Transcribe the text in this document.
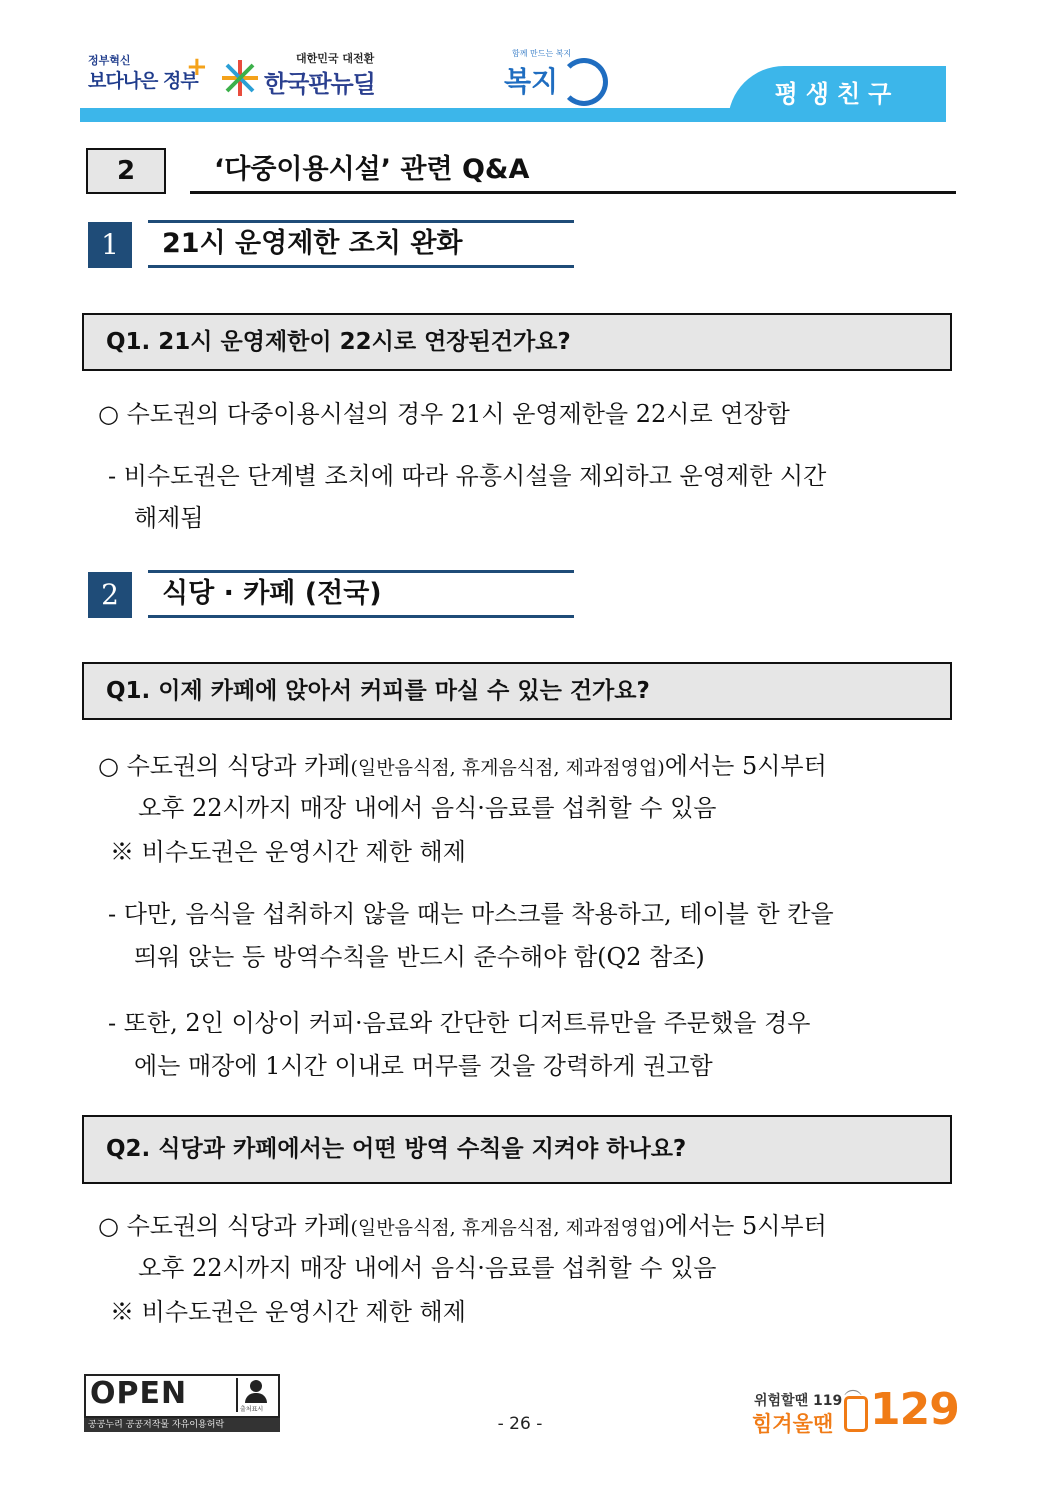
정부혁신
보다나은 정부
+	대한민국 대전환
한국판뉴딜
함께 만드는 복지
복지	평생친구
2	‘다중이용시설’ 관련 Q&A
1	21시 운영제한 조치 완화
Q1. 21시 운영제한이 22시로 연장된건가요?
○ 수도권의 다중이용시설의 경우 21시 운영제한을 22시로 연장함
- 비수도권은 단계별 조치에 따라 유흥시설을 제외하고 운영제한 시간
해제됨
2	식당 · 카페 (전국)
Q1. 이제 카페에 앉아서 커피를 마실 수 있는 건가요?
○ 수도권의 식당과 카페(일반음식점, 휴게음식점, 제과점영업)에서는 5시부터
오후 22시까지 매장 내에서 음식·음료를 섭취할 수 있음
※ 비수도권은 운영시간 제한 해제
- 다만, 음식을 섭취하지 않을 때는 마스크를 착용하고, 테이블 한 칸을
띄워 앉는 등 방역수칙을 반드시 준수해야 함(Q2 참조)
- 또한, 2인 이상이 커피·음료와 간단한 디저트류만을 주문했을 경우
에는 매장에 1시간 이내로 머무를 것을 강력하게 권고함
Q2. 식당과 카페에서는 어떤 방역 수칙을 지켜야 하나요?
○ 수도권의 식당과 카페(일반음식점, 휴게음식점, 제과점영업)에서는 5시부터
오후 22시까지 매장 내에서 음식·음료를 섭취할 수 있음
※ 비수도권은 운영시간 제한 해제
OPEN	출처표시
공공누리 공공저작물 자유이용허락	- 26 -
위험할땐 119
힘겨울땐
︵ 129
